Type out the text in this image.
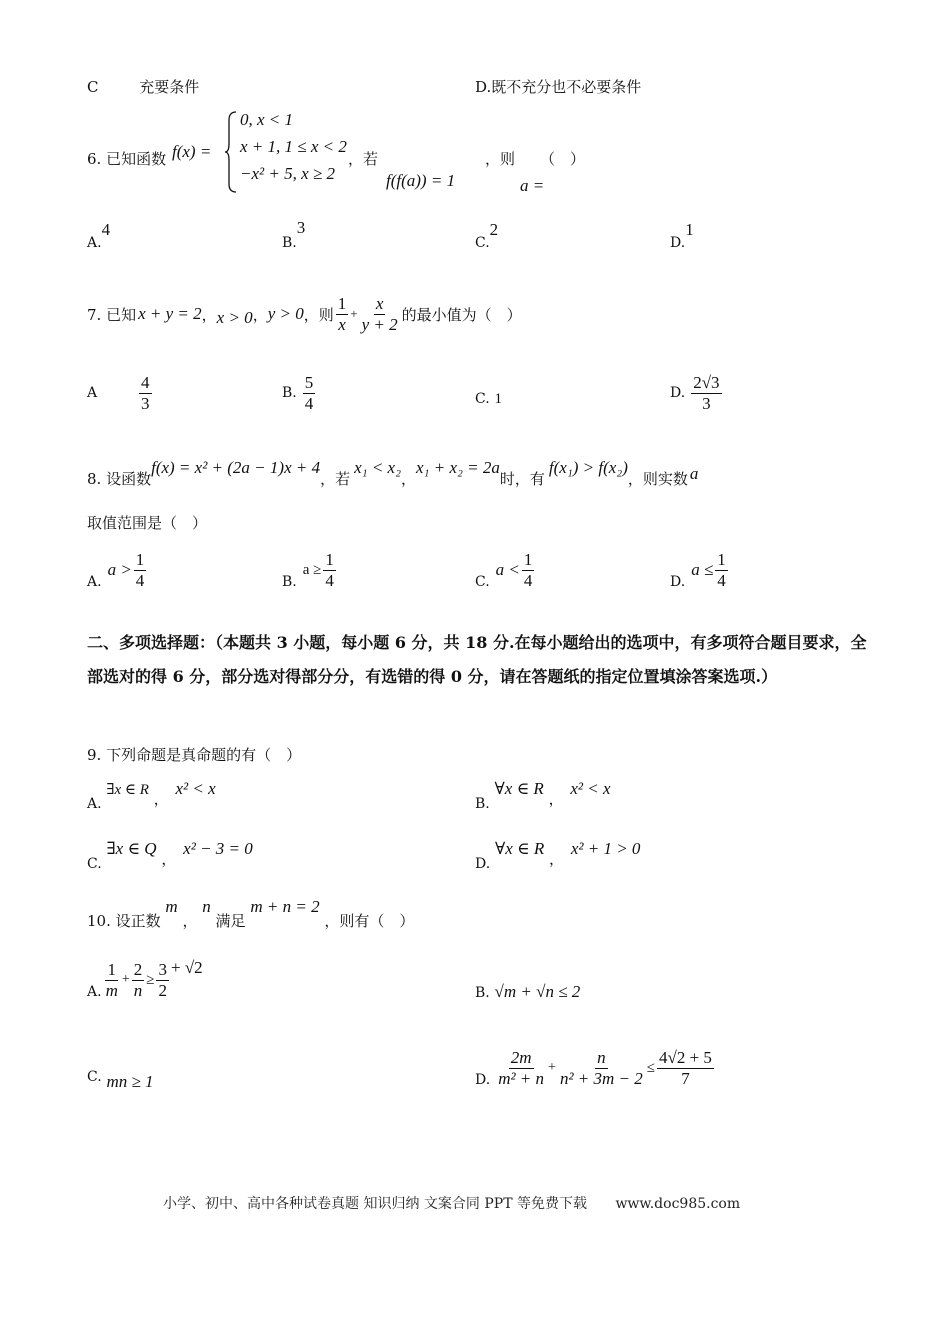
C	充要条件	D.既不充分也不必要条件
6. 已知函数 f(x) =
0, x < 1
x + 1, 1 ≤ x < 2
−x² + 5, x ≥ 2
，若
f(f(a)) = 1
，则 （　）
a =
A.4
B.3
C.2
D.1
7. 已知 x + y = 2 ， x > 0 ， y > 0 ，则 $\frac{1}{x} + \frac{x}{y + 2}$ 的最小值为（　）
A	$\frac{4}{3}$	B. $\frac{5}{4}$	C. 1	D. $\frac{2√3}{3}$
8. 设函数
f(x) = x² + (2a − 1)x + 4
，若
x₁ < x₂
，
x₁ + x₂ = 2a
时，有
f(x₁) > f(x₂)
，则实数 a
取值范围是（　）
A.
$a > \frac{1}{4}$	B.
$a \ge \frac{1}{4}$	C.
$a < \frac{1}{4}$	D.
$a \le \frac{1}{4}$
二、多项选择题：（本题共 3 小题，每小题 6 分，共 18 分.在每小题给出的选项中，有多项符合题目要求，全部选对的得 6 分，部分选对得部分分，有选错的得 0 分，请在答题纸的指定位置填涂答案选项.）
9. 下列命题是真命题的有（　）
A. ∃x ∈ R ， x² < x
B. ∀x ∈ R ， x² < x
C. ∃x ∈ Q ， x² − 3 = 0
D. ∀x ∈ R ， x² + 1 > 0
10. 设正数 m ， n 满足 m + n = 2 ，则有（　）
A. $\frac{1}{m} + \frac{2}{n} \ge \frac{3}{2} + √2$
B. √m + √n ≤ 2
C. mn ≥ 1	D. $\frac{2m}{\text{m² + n}} + \frac{n}{\text{n² + 3m − 2}} \le \frac{4√2 + 5}{7}$
小学、初中、高中各种试卷真题 知识归纳 文案合同 PPT 等免费下载 www.doc985.com
